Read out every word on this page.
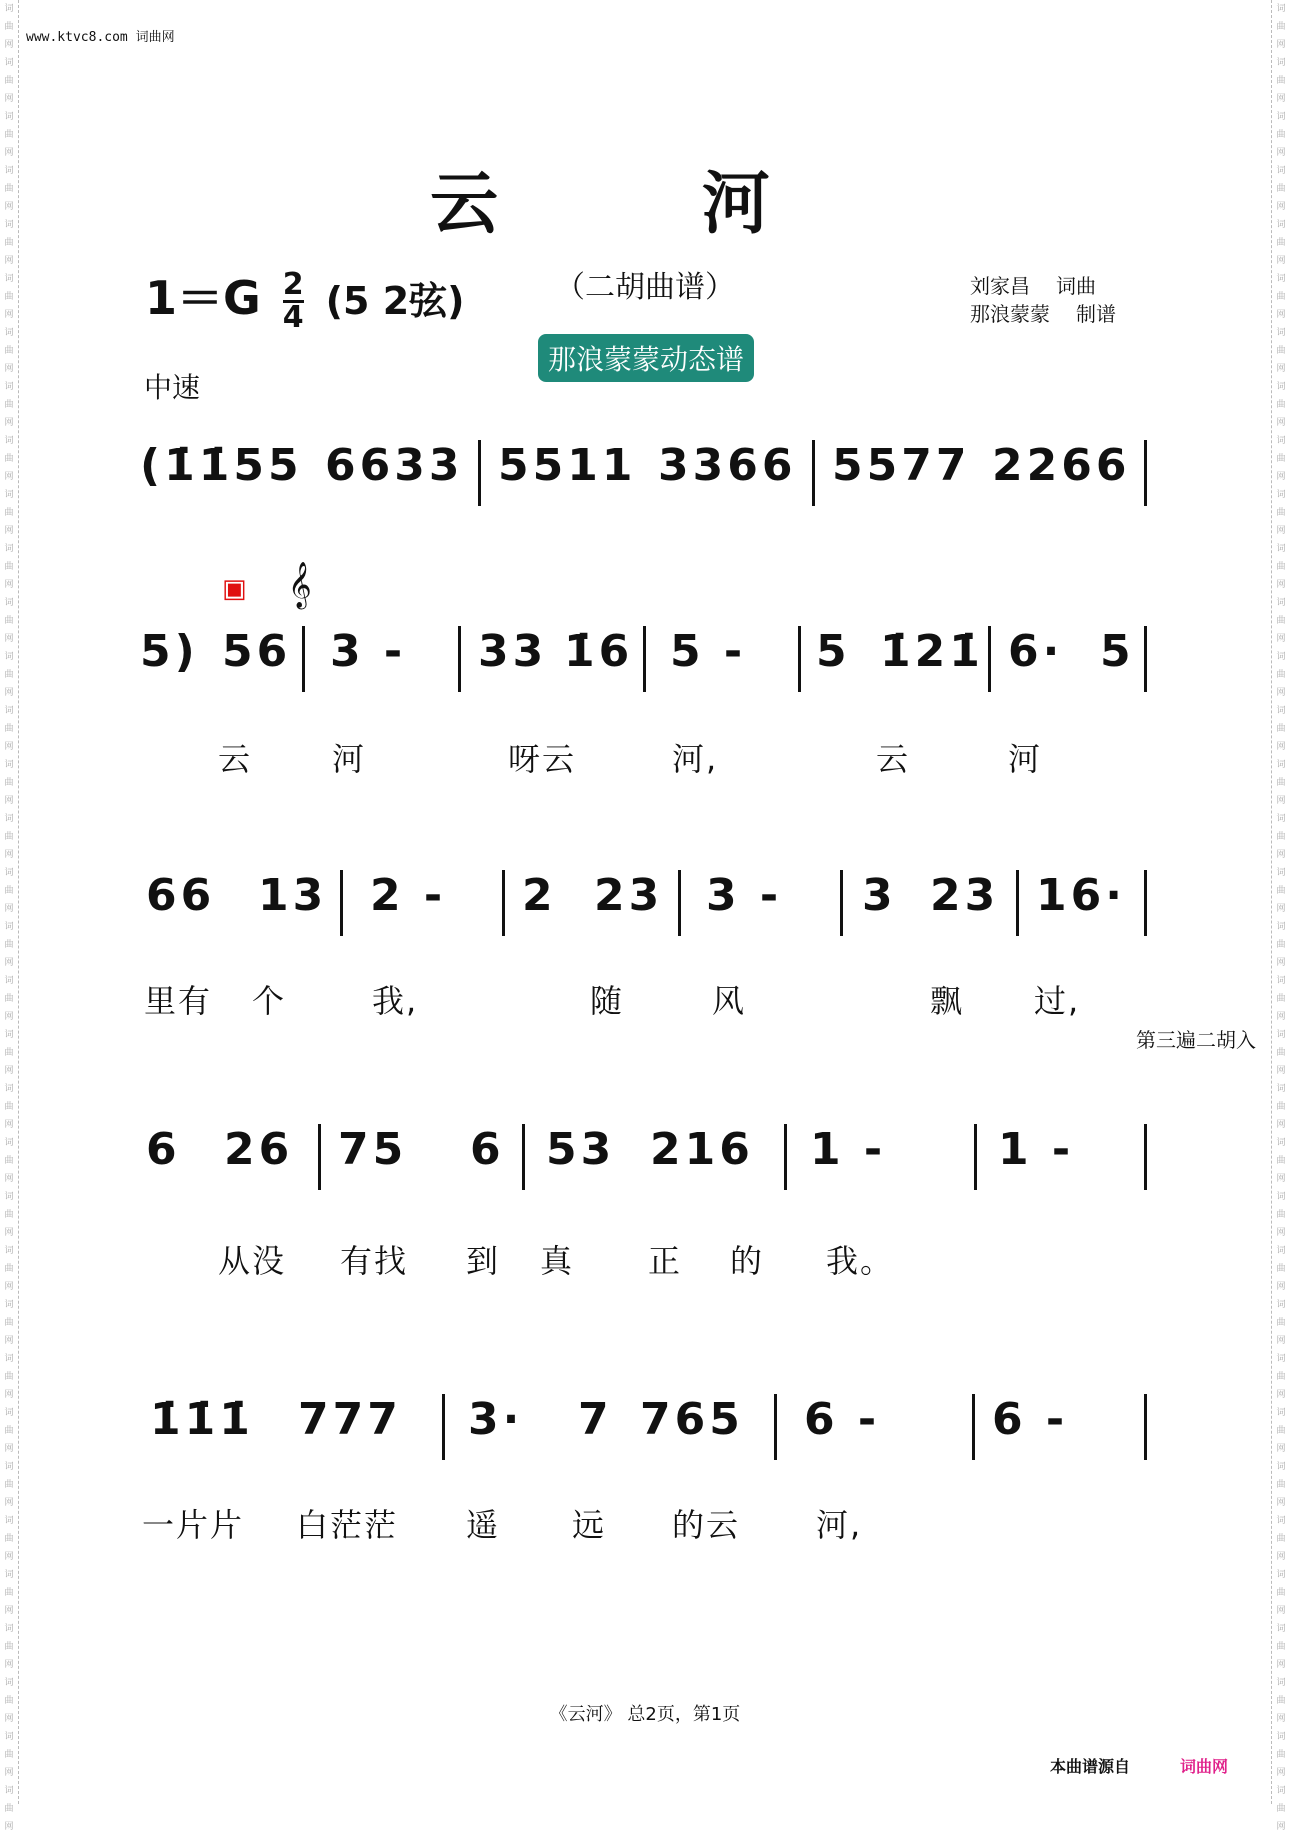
词
曲
网
词
曲
网
词
曲
网
词
曲
网
词
曲
网
词
曲
网
词
曲
网
词
曲
网
词
曲
网
词
曲
网
词
曲
网
词
曲
网
词
曲
网
词
曲
网
词
曲
网
词
曲
网
词
曲
网
词
曲
网
词
曲
网
词
曲
网
词
曲
网
词
曲
网
词
曲
网
词
曲
网
词
曲
网
词
曲
网
词
曲
网
词
曲
网
词
曲
网
词
曲
网
词
曲
网
词
曲
网
词
曲
网
词
曲
网
词
曲
网
词
曲
网
词
曲
网
词
曲
网
词
曲
网
词
曲
网
词
曲
网
词
曲
网
词
曲
网
词
曲
网
词
曲
网
词
曲
网
词
曲
网
词
曲
网
词
曲
网
词
曲
网
词
曲
网
词
曲
网
词
曲
网
词
曲
网
词
曲
网
词
曲
网
词
曲
网
词
曲
网
词
曲
网
词
曲
网
词
曲
网
词
曲
网
词
曲
网
词
曲
网
词
曲
网
词
曲
网
词
曲
网
词
曲
网
www.ktvc8.com 词曲网
云 河
（二胡曲谱）	刘家昌 词曲
那浪蒙蒙 制谱
$1=G \frac{2}{4} (5$ 2弦)
那浪蒙蒙动态谱
中速
(1̇1̇55 6633 5511 3366 5577 2266
5) 56 3 - 33 1̇6 5 - 5 1̇21̇ 6· 5
▣ 𝄞
云 河	呀云	河,	云	河
66 13 2 - 2 23 3 - 3 23 16·
里有 个	我,	随	风	飘 过,
第三遍二胡入
6 26 75 6 53 216 1 -	1 -
从没 有找 到 真 正 的 我。
1̇1̇1̇ 777 3· 7 765 6 -	6 -
一片片 白茫茫 遥 远 的云 河,
《云河》 总2页，第1页
本曲谱源自	词曲网
